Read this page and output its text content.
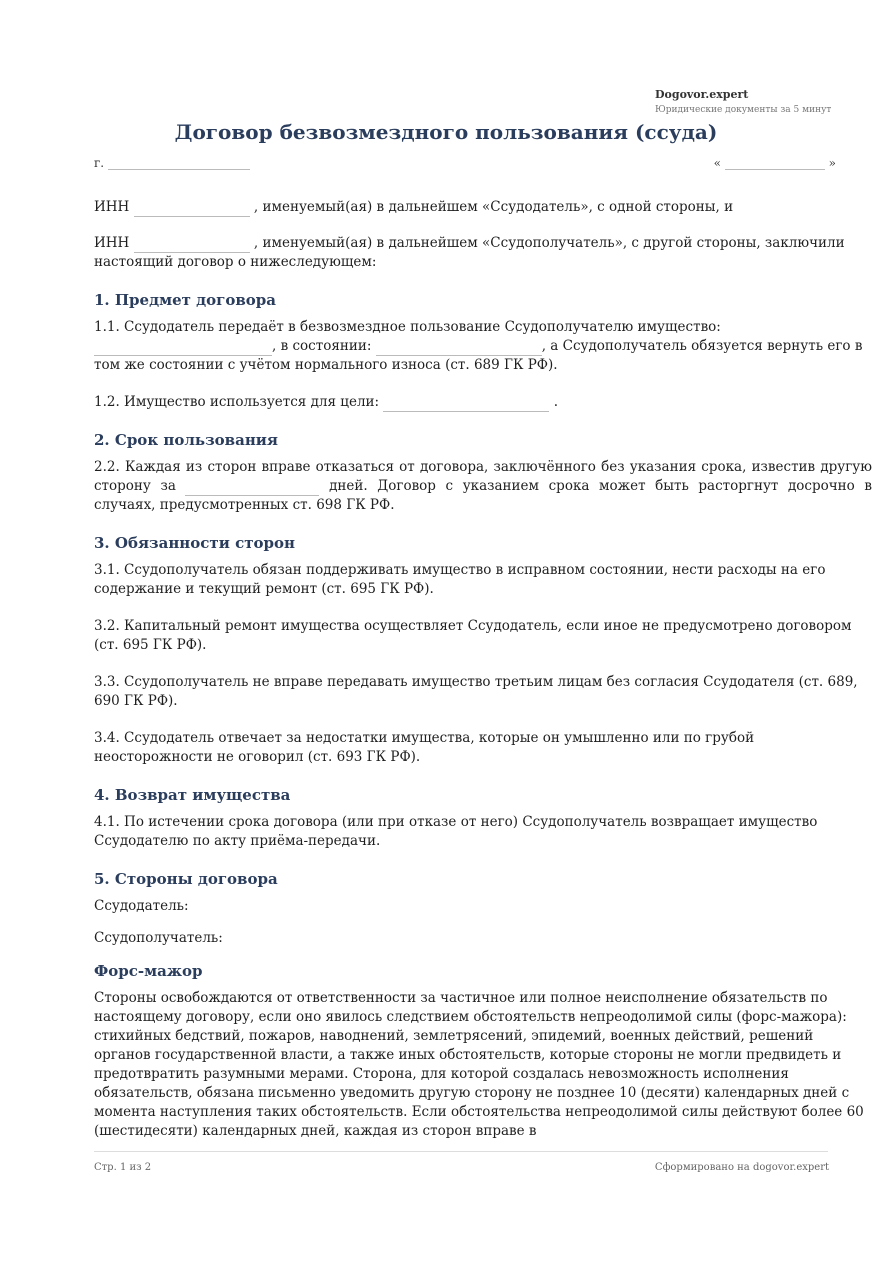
Dogovor.expert
Юридические документы за 5 минут
Договор безвозмездного пользования (ссуда)
г.	«	»

ИНН	, именуемый(ая) в дальнейшем «Ссудодатель», с одной стороны, и

ИНН	, именуемый(ая) в дальнейшем «Ссудополучатель», с другой стороны, заключили настоящий договор о нижеследующем:

1. Предмет договора

1.1. Ссудодатель передаёт в безвозмездное пользование Ссудополучателю имущество: , в состоянии:	, а Ссудополучатель обязуется вернуть его в том же состоянии с учётом нормального износа (ст. 689 ГК РФ).

1.2. Имущество используется для цели:	.

2. Срок пользования

2.2. Каждая из сторон вправе отказаться от договора, заключённого без указания срока, известив другую сторону за	дней. Договор с указанием срока может быть расторгнут досрочно в случаях, предусмотренных ст. 698 ГК РФ.

3. Обязанности сторон

3.1. Ссудополучатель обязан поддерживать имущество в исправном состоянии, нести расходы на его содержание и текущий ремонт (ст. 695 ГК РФ).

3.2. Капитальный ремонт имущества осуществляет Ссудодатель, если иное не предусмотрено договором (ст. 695 ГК РФ).

3.3. Ссудополучатель не вправе передавать имущество третьим лицам без согласия Ссудодателя (ст. 689, 690 ГК РФ).

3.4. Ссудодатель отвечает за недостатки имущества, которые он умышленно или по грубой неосторожности не оговорил (ст. 693 ГК РФ).

4. Возврат имущества

4.1. По истечении срока договора (или при отказе от него) Ссудополучатель возвращает имущество Ссудодателю по акту приёма-передачи.

5. Стороны договора

Ссудодатель:

Ссудополучатель:

Форс-мажор

Стороны освобождаются от ответственности за частичное или полное неисполнение обязательств по настоящему договору, если оно явилось следствием обстоятельств непреодолимой силы (форс-мажора): стихийных бедствий, пожаров, наводнений, землетрясений, эпидемий, военных действий, решений органов государственной власти, а также иных обстоятельств, которые стороны не могли предвидеть и предотвратить разумными мерами. Сторона, для которой создалась невозможность исполнения обязательств, обязана письменно уведомить другую сторону не позднее 10 (десяти) календарных дней с момента наступления таких обстоятельств. Если обстоятельства непреодолимой силы действуют более 60 (шестидесяти) календарных дней, каждая из сторон вправе в

Стр. 1 из 2	Сформировано на dogovor.expert
